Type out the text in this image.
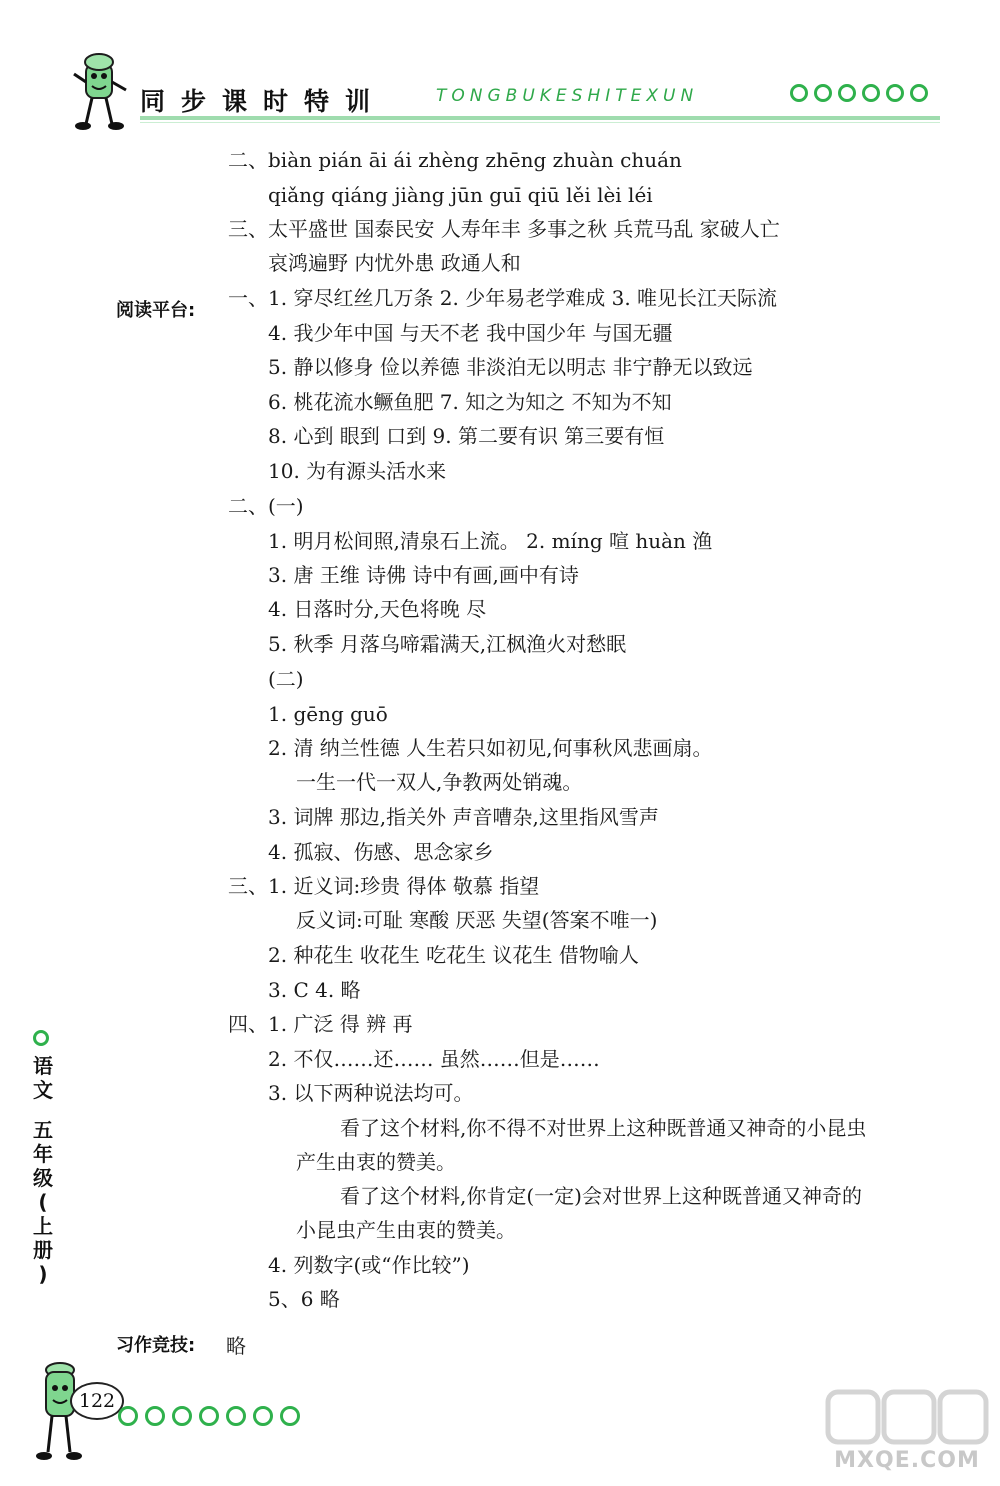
同步课时特训	TONGBUKESHITEXUN
二、biàn pián āi ái zhèng zhēng zhuàn chuán
qiǎng qiáng jiàng jūn guī qiū lěi lèi léi
三、太平盛世 国泰民安 人寿年丰 多事之秋 兵荒马乱 家破人亡
哀鸿遍野 内忧外患 政通人和
一、1. 穿尽红丝几万条 2. 少年易老学难成 3. 唯见长江天际流
4. 我少年中国 与天不老 我中国少年 与国无疆
5. 静以修身 俭以养德 非淡泊无以明志 非宁静无以致远
6. 桃花流水鳜鱼肥 7. 知之为知之 不知为不知
8. 心到 眼到 口到 9. 第二要有识 第三要有恒
10. 为有源头活水来
二、(一)
1. 明月松间照,清泉石上流。 2. míng 喧 huàn 渔
3. 唐 王维 诗佛 诗中有画,画中有诗
4. 日落时分,天色将晚 尽
5. 秋季 月落乌啼霜满天,江枫渔火对愁眠
(二)
1. gēng guō
2. 清 纳兰性德 人生若只如初见,何事秋风悲画扇。
一生一代一双人,争教两处销魂。
3. 词牌 那边,指关外 声音嘈杂,这里指风雪声
4. 孤寂、伤感、思念家乡
三、1. 近义词:珍贵 得体 敬慕 指望
反义词:可耻 寒酸 厌恶 失望(答案不唯一)
2. 种花生 收花生 吃花生 议花生 借物喻人
3. C 4. 略
四、1. 广泛 得 辨 再
2. 不仅……还…… 虽然……但是……
3. 以下两种说法均可。
看了这个材料,你不得不对世界上这种既普通又神奇的小昆虫
产生由衷的赞美。
看了这个材料,你肯定(一定)会对世界上这种既普通又神奇的
小昆虫产生由衷的赞美。
4. 列数字(或“作比较”)
5、6 略
阅读平台:
习作竞技: 略
语
文
五
年
级
(
上
册
)
122
MXQE.COM
